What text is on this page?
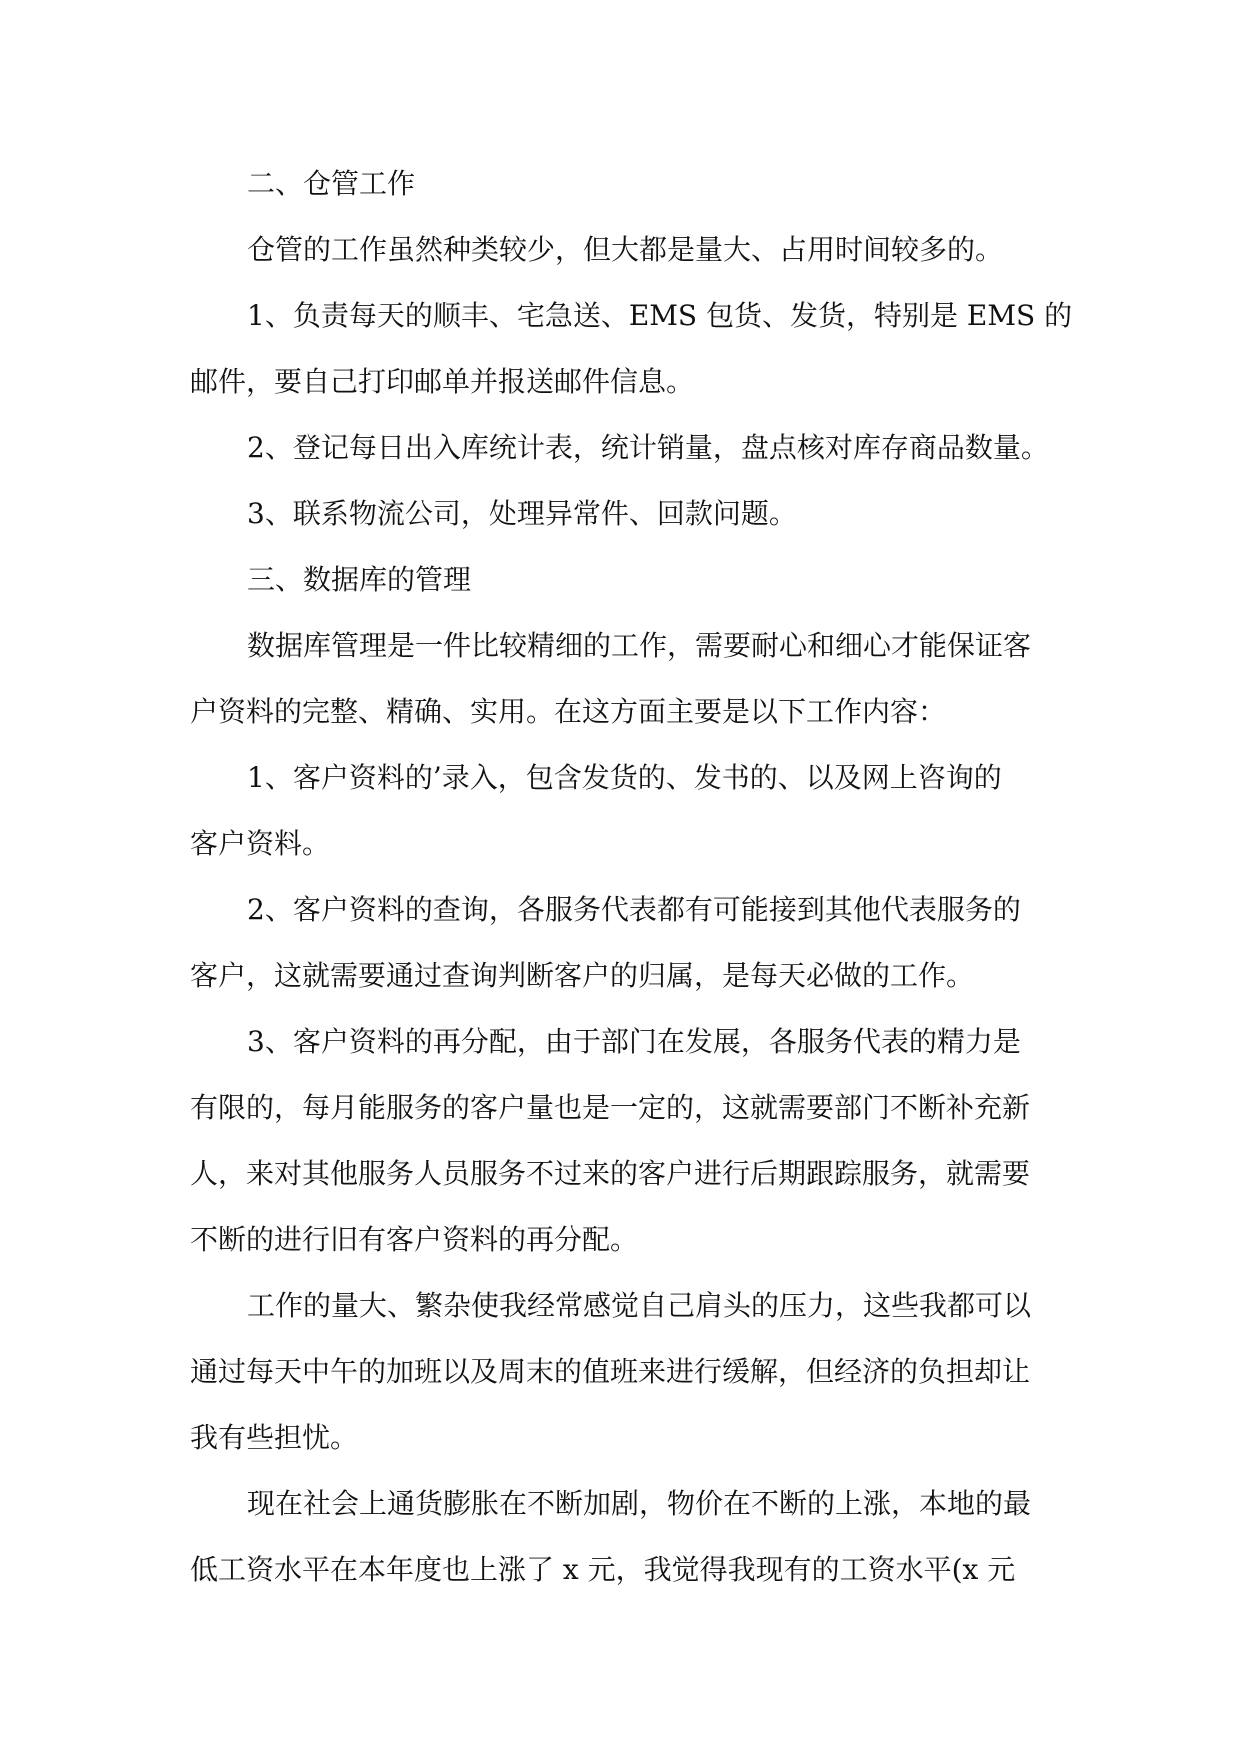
二、仓管工作

仓管的工作虽然种类较少，但大都是量大、占用时间较多的。

1、负责每天的顺丰、宅急送、EMS 包货、发货，特别是 EMS 的
邮件，要自己打印邮单并报送邮件信息。

2、登记每日出入库统计表，统计销量，盘点核对库存商品数量。

3、联系物流公司，处理异常件、回款问题。

三、数据库的管理

数据库管理是一件比较精细的工作，需要耐心和细心才能保证客
户资料的完整、精确、实用。在这方面主要是以下工作内容：

1、客户资料的’录入，包含发货的、发书的、以及网上咨询的
客户资料。

2、客户资料的查询，各服务代表都有可能接到其他代表服务的
客户，这就需要通过查询判断客户的归属，是每天必做的工作。

3、客户资料的再分配，由于部门在发展，各服务代表的精力是
有限的，每月能服务的客户量也是一定的，这就需要部门不断补充新
人，来对其他服务人员服务不过来的客户进行后期跟踪服务，就需要
不断的进行旧有客户资料的再分配。

工作的量大、繁杂使我经常感觉自己肩头的压力，这些我都可以
通过每天中午的加班以及周末的值班来进行缓解，但经济的负担却让
我有些担忧。

现在社会上通货膨胀在不断加剧，物价在不断的上涨，本地的最
低工资水平在本年度也上涨了 x 元，我觉得我现有的工资水平(x 元
